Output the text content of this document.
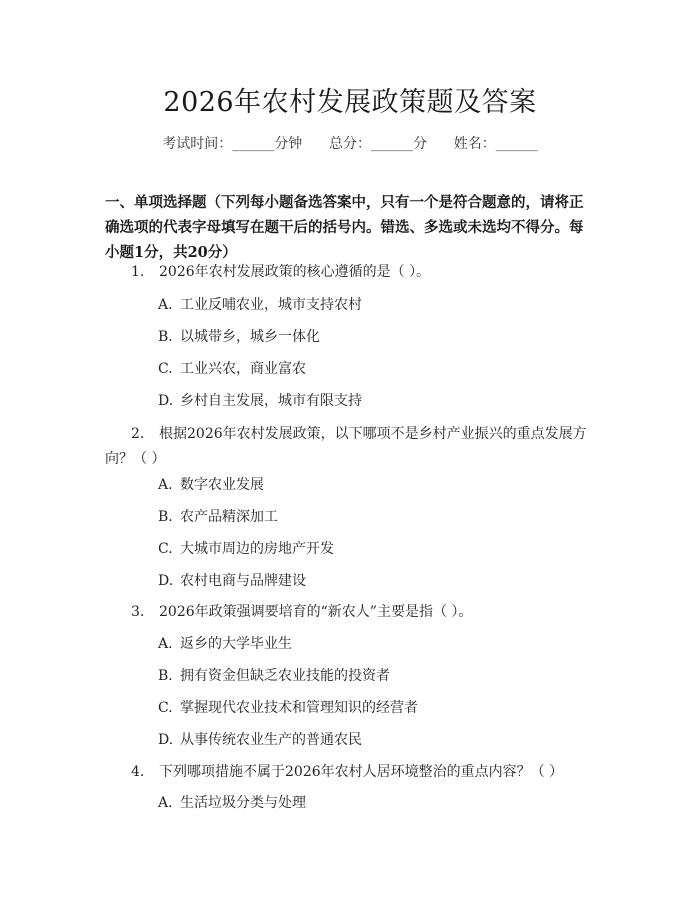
2026年农村发展政策题及答案
考试时间：______分钟      总分：______分      姓名：______
一、单项选择题（下列每小题备选答案中，只有一个是符合题意的，请将正确选项的代表字母填写在题干后的括号内。错选、多选或未选均不得分。每小题1分，共20分）
1. 2026年农村发展政策的核心遵循的是（ ）。
A. 工业反哺农业，城市支持农村
B. 以城带乡，城乡一体化
C. 工业兴农，商业富农
D. 乡村自主发展，城市有限支持
2. 根据2026年农村发展政策，以下哪项不是乡村产业振兴的重点发展方向？（ ）
A. 数字农业发展
B. 农产品精深加工
C. 大城市周边的房地产开发
D. 农村电商与品牌建设
3. 2026年政策强调要培育的“新农人”主要是指（ ）。
A. 返乡的大学毕业生
B. 拥有资金但缺乏农业技能的投资者
C. 掌握现代农业技术和管理知识的经营者
D. 从事传统农业生产的普通农民
4. 下列哪项措施不属于2026年农村人居环境整治的重点内容？（ ）
A. 生活垃圾分类与处理
